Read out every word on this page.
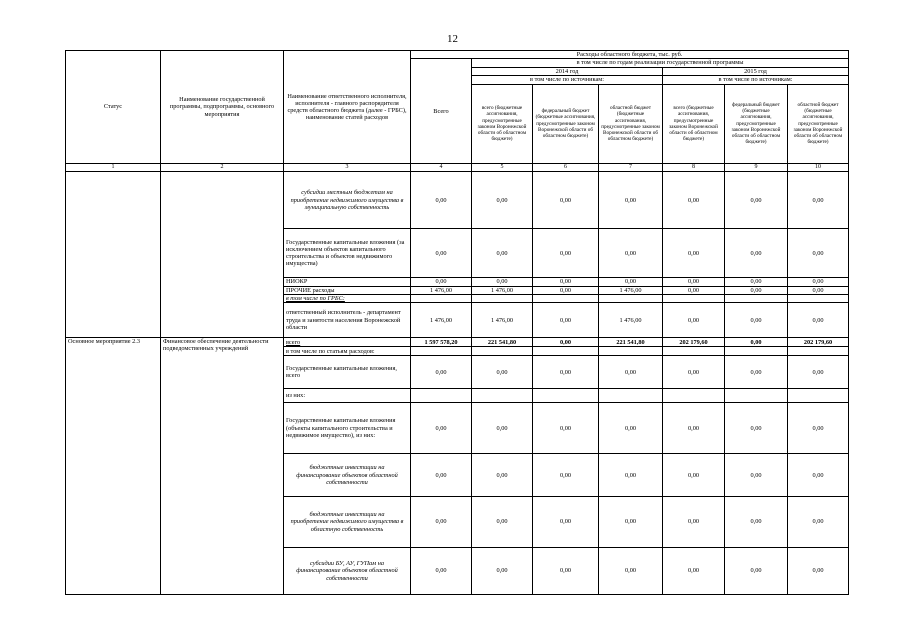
12
Статус	Наименование государственной программы, подпрограммы, основного мероприятия	Наименование ответственного исполнителя, исполнителя - главного распорядителя средств областного бюджета (далее - ГРБС), наименование статей расходов	Расходы областного бюджета, тыс. руб.						
			Всего	в том числе по годам реализации государственной программы					
				2014 год			2015 год		
				в том числе по источникам:			в том числе по источникам:		
				всего (бюджетные ассигнования, предусмотренные законом Воронежской области об областном бюджете)	федеральный бюджет (бюджетные ассигнования, предусмотренные законом Воронежской области об областном бюджете)	областной бюджет (бюджетные ассигнования, предусмотренные законом Воронежской области об областном бюджете)	всего (бюджетные ассигнования, предусмотренные законом Воронежской области об областном бюджете)	федеральный бюджет (бюджетные ассигнования, предусмотренные законом Воронежской области об областном бюджете)	областной бюджет (бюджетные ассигнования, предусмотренные законом Воронежской области об областном бюджете)
1	2	3	4	5	6	7	8	9	10
		субсидии местным бюджетам на приобретение недвижимого имущества в муниципальную собственность	0,00	0,00	0,00	0,00	0,00	0,00	0,00
		Государственные капитальные вложения (за исключением объектов капитального строительства и объектов недвижимого имущества)	0,00	0,00	0,00	0,00	0,00	0,00	0,00
		НИОКР	0,00	0,00	0,00	0,00	0,00	0,00	0,00
		ПРОЧИЕ расходы	1 476,00	1 476,00	0,00	1 476,00	0,00	0,00	0,00
		в том числе по ГРБС:							
		ответственный исполнитель - департамент труда и занятости населения Воронежской области	1 476,00	1 476,00	0,00	1 476,00	0,00	0,00	0,00
Основное мероприятие 2.3	Финансовое обеспечение деятельности подведомственных учреждений	всего	1 597 578,20	221 541,80	0,00	221 541,80	202 179,60	0,00	202 179,60
		в том числе по статьям расходов:							
		Государственные капитальные вложения, всего	0,00	0,00	0,00	0,00	0,00	0,00	0,00
		из них:							
		Государственные капитальные вложения (объекты капитального строительства и недвижимое имущество), из них:	0,00	0,00	0,00	0,00	0,00	0,00	0,00
		бюджетные инвестиции на финансирование объектов областной собственности	0,00	0,00	0,00	0,00	0,00	0,00	0,00
		бюджетные инвестиции на приобретение недвижимого имущества в областную собственность	0,00	0,00	0,00	0,00	0,00	0,00	0,00
		субсидии БУ, АУ, ГУПам на финансирование объектов областной собственности	0,00	0,00	0,00	0,00	0,00	0,00	0,00
